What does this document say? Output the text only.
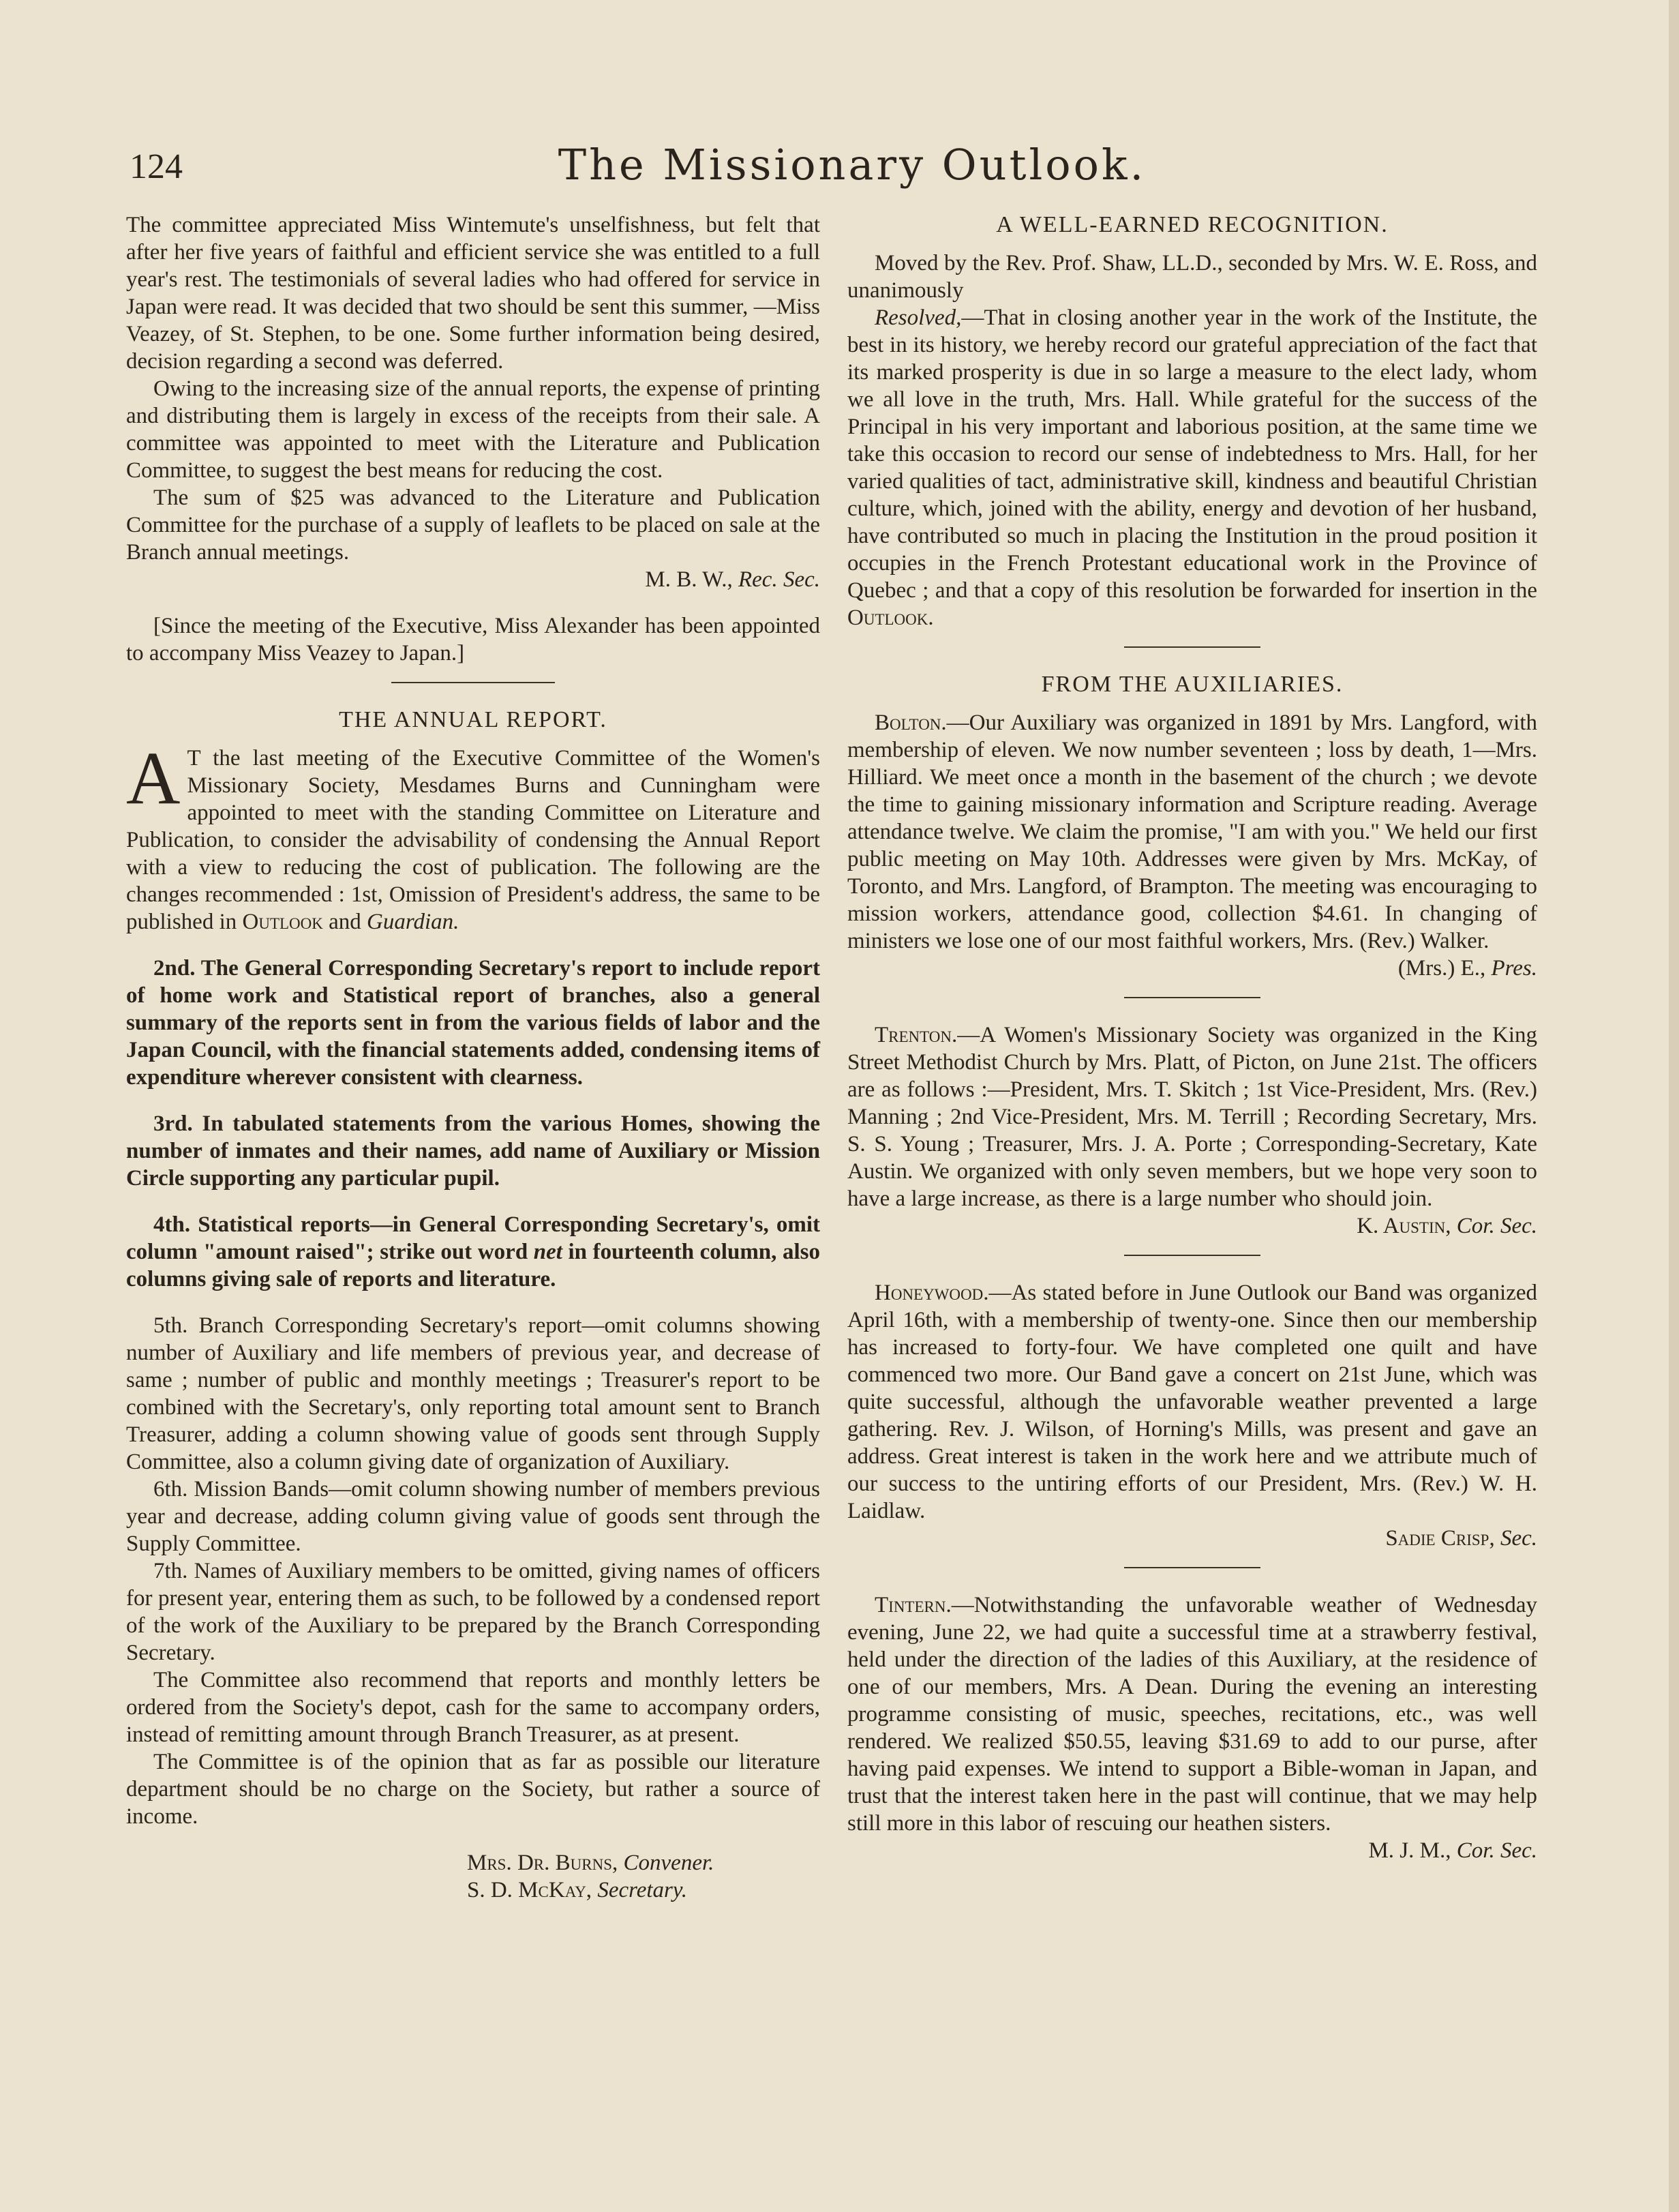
124	The Missionary Outlook.

The committee appreciated Miss Wintemute's unselfishness, but felt that after her five years of faithful and efficient service she was entitled to a full year's rest. The testimonials of several ladies who had offered for service in Japan were read. It was decided that two should be sent this summer, —Miss Veazey, of St. Stephen, to be one. Some further information being desired, decision regarding a second was deferred.

Owing to the increasing size of the annual reports, the expense of printing and distributing them is largely in excess of the receipts from their sale. A committee was appointed to meet with the Literature and Publication Committee, to suggest the best means for reducing the cost.

The sum of $25 was advanced to the Literature and Publication Committee for the purchase of a supply of leaflets to be placed on sale at the Branch annual meetings.

M. B. W., Rec. Sec.

[Since the meeting of the Executive, Miss Alexander has been appointed to accompany Miss Veazey to Japan.]

THE ANNUAL REPORT.

A T the last meeting of the Executive Committee of the Women's Missionary Society, Mesdames Burns and Cunningham were appointed to meet with the standing Committee on Literature and Publication, to consider the advisability of condensing the Annual Report with a view to reducing the cost of publication. The following are the changes recommended : 1st, Omission of President's address, the same to be published in Outlook and Guardian.

2nd. The General Corresponding Secretary's report to include report of home work and Statistical report of branches, also a general summary of the reports sent in from the various fields of labor and the Japan Council, with the financial statements added, condensing items of expenditure wherever consistent with clearness.

3rd. In tabulated statements from the various Homes, showing the number of inmates and their names, add name of Auxiliary or Mission Circle supporting any particular pupil.

4th. Statistical reports—in General Corresponding Secretary's, omit column "amount raised"; strike out word net in fourteenth column, also columns giving sale of reports and literature.

5th. Branch Corresponding Secretary's report—omit columns showing number of Auxiliary and life members of previous year, and decrease of same ; number of public and monthly meetings ; Treasurer's report to be combined with the Secretary's, only reporting total amount sent to Branch Treasurer, adding a column showing value of goods sent through Supply Committee, also a column giving date of organization of Auxiliary.

6th. Mission Bands—omit column showing number of members previous year and decrease, adding column giving value of goods sent through the Supply Committee.

7th. Names of Auxiliary members to be omitted, giving names of officers for present year, entering them as such, to be followed by a condensed report of the work of the Auxiliary to be prepared by the Branch Corresponding Secretary.

The Committee also recommend that reports and monthly letters be ordered from the Society's depot, cash for the same to accompany orders, instead of remitting amount through Branch Treasurer, as at present.

The Committee is of the opinion that as far as possible our literature department should be no charge on the Society, but rather a source of income.

Mrs. Dr. Burns, Convener.

S. D. McKay, Secretary.

A WELL-EARNED RECOGNITION.

Moved by the Rev. Prof. Shaw, LL.D., seconded by Mrs. W. E. Ross, and unanimously

Resolved,—That in closing another year in the work of the Institute, the best in its history, we hereby record our grateful appreciation of the fact that its marked prosperity is due in so large a measure to the elect lady, whom we all love in the truth, Mrs. Hall. While grateful for the success of the Principal in his very important and laborious position, at the same time we take this occasion to record our sense of indebtedness to Mrs. Hall, for her varied qualities of tact, administrative skill, kindness and beautiful Christian culture, which, joined with the ability, energy and devotion of her husband, have contributed so much in placing the Institution in the proud position it occupies in the French Protestant educational work in the Province of Quebec ; and that a copy of this resolution be forwarded for insertion in the Outlook.

FROM THE AUXILIARIES.

Bolton.—Our Auxiliary was organized in 1891 by Mrs. Langford, with membership of eleven. We now number seventeen ; loss by death, 1—Mrs. Hilliard. We meet once a month in the basement of the church ; we devote the time to gaining missionary information and Scripture reading. Average attendance twelve. We claim the promise, "I am with you." We held our first public meeting on May 10th. Addresses were given by Mrs. McKay, of Toronto, and Mrs. Langford, of Brampton. The meeting was encouraging to mission workers, attendance good, collection $4.61. In changing of ministers we lose one of our most faithful workers, Mrs. (Rev.) Walker.

(Mrs.) E., Pres.

Trenton.—A Women's Missionary Society was organized in the King Street Methodist Church by Mrs. Platt, of Picton, on June 21st. The officers are as follows :—President, Mrs. T. Skitch ; 1st Vice-President, Mrs. (Rev.) Manning ; 2nd Vice-President, Mrs. M. Terrill ; Recording Secretary, Mrs. S. S. Young ; Treasurer, Mrs. J. A. Porte ; Corresponding-Secretary, Kate Austin. We organized with only seven members, but we hope very soon to have a large increase, as there is a large number who should join.

K. Austin, Cor. Sec.

Honeywood.—As stated before in June Outlook our Band was organized April 16th, with a membership of twenty-one. Since then our membership has increased to forty-four. We have completed one quilt and have commenced two more. Our Band gave a concert on 21st June, which was quite successful, although the unfavorable weather prevented a large gathering. Rev. J. Wilson, of Horning's Mills, was present and gave an address. Great interest is taken in the work here and we attribute much of our success to the untiring efforts of our President, Mrs. (Rev.) W. H. Laidlaw.

Sadie Crisp, Sec.

Tintern.—Notwithstanding the unfavorable weather of Wednesday evening, June 22, we had quite a successful time at a strawberry festival, held under the direction of the ladies of this Auxiliary, at the residence of one of our members, Mrs. A Dean. During the evening an interesting programme consisting of music, speeches, recitations, etc., was well rendered. We realized $50.55, leaving $31.69 to add to our purse, after having paid expenses. We intend to support a Bible-woman in Japan, and trust that the interest taken here in the past will continue, that we may help still more in this labor of rescuing our heathen sisters.

M. J. M., Cor. Sec.
